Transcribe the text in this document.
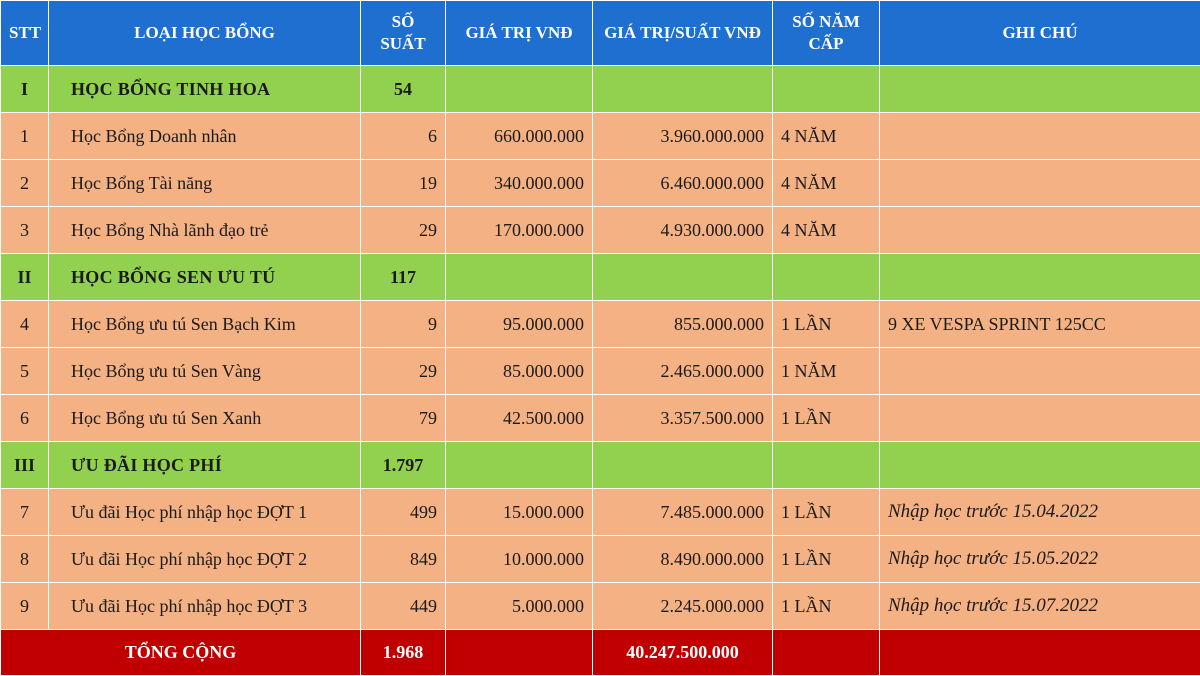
STT	LOẠI HỌC BỔNG	SỐ SUẤT	GIÁ TRỊ VNĐ	GIÁ TRỊ/SUẤT VNĐ	SỐ NĂM CẤP	GHI CHÚ
I	HỌC BỔNG TINH HOA	54				
1	Học Bổng Doanh nhân	6	660.000.000	3.960.000.000	4 NĂM	
2	Học Bổng Tài năng	19	340.000.000	6.460.000.000	4 NĂM	
3	Học Bổng Nhà lãnh đạo trẻ	29	170.000.000	4.930.000.000	4 NĂM	
II	HỌC BỔNG SEN ƯU TÚ	117				
4	Học Bổng ưu tú Sen Bạch Kim	9	95.000.000	855.000.000	1 LẦN	9 XE VESPA SPRINT 125CC
5	Học Bổng ưu tú Sen Vàng	29	85.000.000	2.465.000.000	1 NĂM	
6	Học Bổng ưu tú Sen Xanh	79	42.500.000	3.357.500.000	1 LẦN	
III	ƯU ĐÃI HỌC PHÍ	1.797				
7	Ưu đãi Học phí nhập học ĐỢT 1	499	15.000.000	7.485.000.000	1 LẦN	Nhập học trước 15.04.2022
8	Ưu đãi Học phí nhập học ĐỢT 2	849	10.000.000	8.490.000.000	1 LẦN	Nhập học trước 15.05.2022
9	Ưu đãi Học phí nhập học ĐỢT 3	449	5.000.000	2.245.000.000	1 LẦN	Nhập học trước 15.07.2022
TỔNG CỘNG		1.968		40.247.500.000		
